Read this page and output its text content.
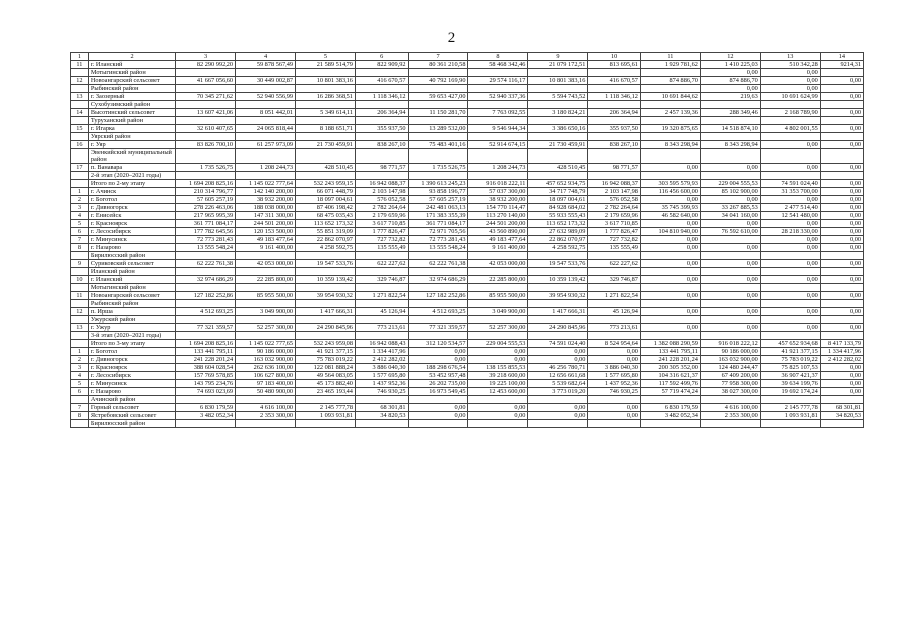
2
1	2	3	4	5	6	7	8	9	10	11	12	13	14
11	г. Иланский	82 290 992,20	59 878 567,49	21 589 514,79	822 909,92	80 361 210,58	58 468 342,46	21 079 172,51	813 695,61	1 929 781,62	1 410 225,03	510 342,28	9214,31
	Мотыгинский район										0,00	0,00	
12	Новоангарский сельсовет	41 667 056,60	30 449 002,87	10 801 383,16	416 670,57	40 792 169,90	29 574 116,17	10 801 383,16	416 670,57	874 886,70	874 886,70	0,00	0,00
	Рыбинский район										0,00	0,00	
13	г. Заозерный	70 345 271,62	52 940 556,99	16 286 368,51	1 118 346,12	59 653 427,00	52 940 337,36	5 594 743,52	1 118 346,12	10 691 844,62	219,63	10 691 624,99	0,00
	Сухобузимский район												
14	Высотинский сельсовет	13 607 421,06	8 051 442,01	5 349 614,11	206 364,94	11 150 281,70	7 763 092,55	3 180 824,21	206 364,94	2 457 139,36	288 349,46	2 168 789,90	0,00
	Туруханский район												
15	г. Игарка	32 610 407,65	24 065 818,44	8 188 651,71	355 937,50	13 289 532,00	9 546 944,34	3 386 650,16	355 937,50	19 320 875,65	14 518 874,10	4 802 001,55	0,00
	Уярский район												
16	г. Уяр	83 826 700,10	61 257 973,09	21 730 459,91	838 267,10	75 483 401,16	52 914 674,15	21 730 459,91	838 267,10	8 343 298,94	8 343 298,94	0,00	0,00
	Эвенкийский муниципальный район												
17	п. Ванавара	1 735 526,75	1 208 244,73	428 510,45	98 771,57	1 735 526,75	1 208 244,73	428 510,45	98 771,57	0,00	0,00	0,00	0,00
	2-й этап (2020–2021 годы)												
	Итого по 2-му этапу	1 694 208 825,16	1 145 022 777,64	532 243 959,15	16 942 088,37	1 390 613 245,23	916 018 222,11	457 652 934,75	16 942 088,37	303 595 579,93	229 004 555,53	74 591 024,40	0,00
1	г. Ачинск	210 314 796,77	142 140 200,00	66 071 448,79	2 103 147,98	93 858 196,77	57 037 300,00	34 717 748,79	2 103 147,98	116 456 600,00	85 102 900,00	31 353 700,00	0,00
2	г. Боготол	57 605 257,19	38 932 200,00	18 097 004,61	576 052,58	57 605 257,19	38 932 200,00	18 097 004,61	576 052,58	0,00	0,00	0,00	0,00
3	г. Дивногорск	278 226 463,06	188 038 000,00	87 406 198,42	2 782 264,64	242 481 063,13	154 770 114,47	84 928 684,02	2 782 264,64	35 745 399,93	33 267 885,53	2 477 514,40	0,00
4	г. Енисейск	217 965 995,39	147 311 300,00	68 475 035,43	2 179 659,96	171 383 355,39	113 270 140,00	55 933 555,43	2 179 659,96	46 582 640,00	34 041 160,00	12 541 480,00	0,00
5	г. Красноярск	361 771 084,17	244 501 200,00	113 652 173,32	3 617 710,85	361 771 084,17	244 501 200,00	113 652 173,32	3 617 710,85	0,00	0,00	0,00	0,00
6	г. Лесосибирск	177 782 645,56	120 153 500,00	55 851 319,09	1 777 826,47	72 971 705,56	43 560 890,00	27 632 989,09	1 777 826,47	104 810 940,00	76 592 610,00	28 218 330,00	0,00
7	г. Минусинск	72 773 281,43	49 183 477,64	22 862 070,97	727 732,82	72 773 281,43	49 183 477,64	22 862 070,97	727 732,82	0,00		0,00	0,00
8	г. Назарово	13 555 548,24	9 161 400,00	4 258 592,75	135 555,49	13 555 548,24	9 161 400,00	4 258 592,75	135 555,49	0,00	0,00	0,00	0,00
	Бирилюсский район												
9	Суриковский сельсовет	62 222 761,38	42 053 000,00	19 547 533,76	622 227,62	62 222 761,38	42 053 000,00	19 547 533,76	622 227,62	0,00	0,00	0,00	0,00
	Иланский район												
10	г. Иланский	32 974 686,29	22 285 800,00	10 359 139,42	329 746,87	32 974 686,29	22 285 800,00	10 359 139,42	329 746,87	0,00	0,00	0,00	0,00
	Мотыгинский район												
11	Новоангарский сельсовет	127 182 252,86	85 955 500,00	39 954 930,32	1 271 822,54	127 182 252,86	85 955 500,00	39 954 930,32	1 271 822,54	0,00	0,00	0,00	0,00
	Рыбинский район												
12	п. Ирша	4 512 693,25	3 049 900,00	1 417 666,31	45 126,94	4 512 693,25	3 049 900,00	1 417 666,31	45 126,94	0,00	0,00	0,00	0,00
	Ужурский район												
13	г. Ужур	77 321 359,57	52 257 300,00	24 290 845,96	773 213,61	77 321 359,57	52 257 300,00	24 290 845,96	773 213,61	0,00	0,00	0,00	0,00
	3-й этап (2020–2021 годы)												
	Итого по 3-му этапу	1 694 208 825,16	1 145 022 777,65	532 243 959,08	16 942 088,43	312 120 534,57	229 004 555,53	74 591 024,40	8 524 954,64	1 382 088 290,59	916 018 222,12	457 652 934,68	8 417 133,79
1	г. Боготол	133 441 795,11	90 186 000,00	41 921 377,15	1 334 417,96	0,00	0,00	0,00	0,00	133 441 795,11	90 186 000,00	41 921 377,15	1 334 417,96
2	г. Дивногорск	241 228 201,24	163 032 900,00	75 783 019,22	2 412 282,02	0,00	0,00	0,00	0,00	241 228 201,24	163 032 900,00	75 783 019,22	2 412 282,02
3	г. Красноярск	388 604 028,54	262 636 100,00	122 081 888,24	3 886 040,30	188 298 676,54	138 155 855,53	46 256 780,71	3 886 040,30	200 305 352,00	124 480 244,47	75 825 107,53	0,00
4	г. Лесосибирск	157 769 578,85	106 627 800,00	49 564 083,05	1 577 695,80	53 452 957,48	39 218 600,00	12 656 661,68	1 577 695,80	104 316 621,37	67 409 200,00	36 907 421,37	0,00
5	г. Минусинск	143 795 234,76	97 183 400,00	45 173 882,40	1 437 952,36	26 202 735,00	19 225 100,00	5 539 682,64	1 437 952,36	117 592 499,76	77 958 300,00	39 634 199,76	0,00
6	г. Назарово	74 693 023,69	50 480 900,00	23 465 193,44	746 930,25	16 973 549,45	12 453 600,00	3 773 019,20	746 930,25	57 719 474,24	38 027 300,00	19 692 174,24	0,00
	Ачинский район												
7	Горный сельсовет	6 830 179,59	4 616 100,00	2 145 777,78	68 301,81	0,00	0,00	0,00	0,00	6 830 179,59	4 616 100,00	2 145 777,78	68 301,81
8	Ястребовский сельсовет	3 482 052,34	2 353 300,00	1 093 931,81	34 820,53	0,00	0,00	0,00	0,00	3 482 052,34	2 353 300,00	1 093 931,81	34 820,53
	Бирилюсский район												
